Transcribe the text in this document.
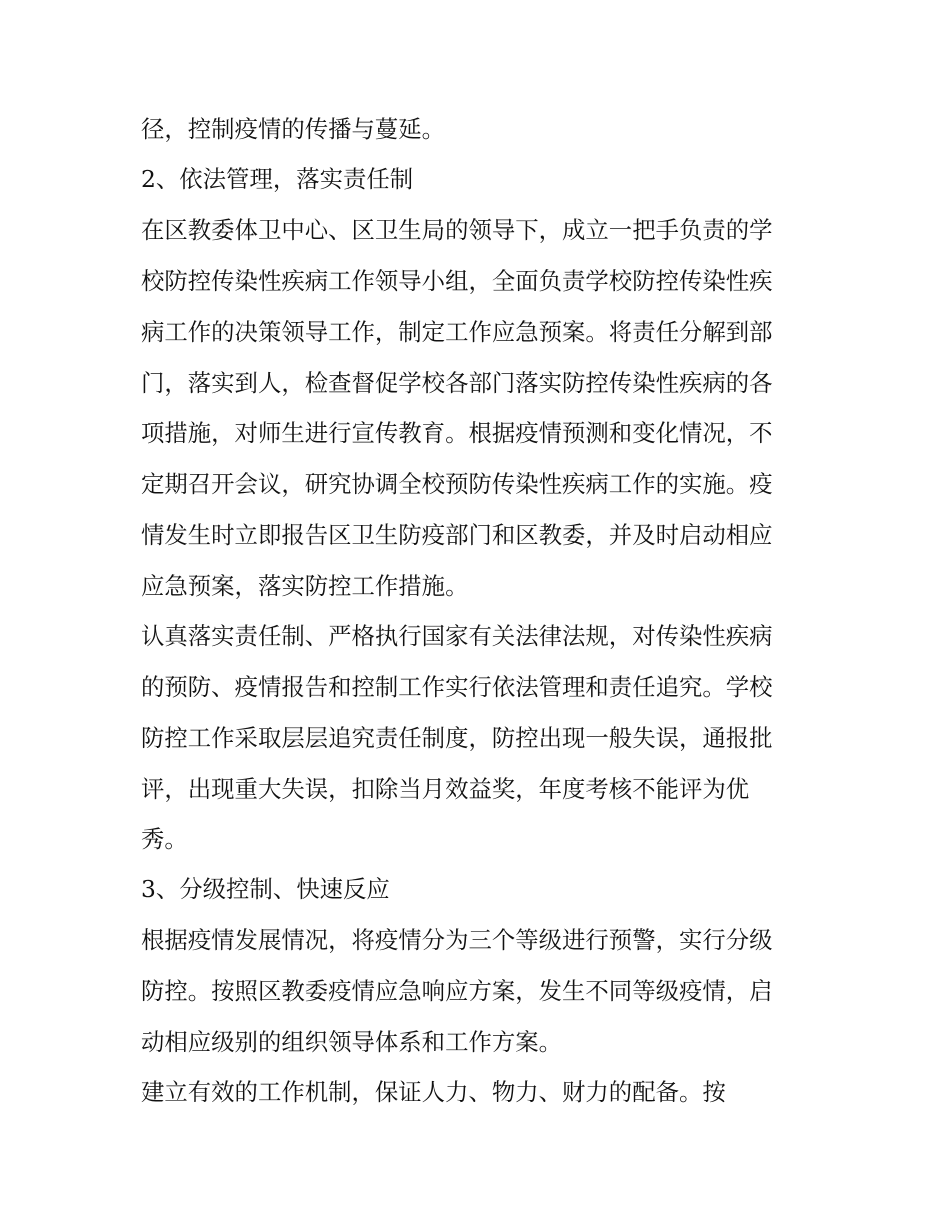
径，控制疫情的传播与蔓延。
2、依法管理，落实责任制
在区教委体卫中心、区卫生局的领导下，成立一把手负责的学
校防控传染性疾病工作领导小组，全面负责学校防控传染性疾
病工作的决策领导工作，制定工作应急预案。将责任分解到部
门，落实到人，检查督促学校各部门落实防控传染性疾病的各
项措施，对师生进行宣传教育。根据疫情预测和变化情况，不
定期召开会议，研究协调全校预防传染性疾病工作的实施。疫
情发生时立即报告区卫生防疫部门和区教委，并及时启动相应
应急预案，落实防控工作措施。
认真落实责任制、严格执行国家有关法律法规，对传染性疾病
的预防、疫情报告和控制工作实行依法管理和责任追究。学校
防控工作采取层层追究责任制度，防控出现一般失误，通报批
评，出现重大失误，扣除当月效益奖，年度考核不能评为优
秀。
3、分级控制、快速反应
根据疫情发展情况，将疫情分为三个等级进行预警，实行分级
防控。按照区教委疫情应急响应方案，发生不同等级疫情，启
动相应级别的组织领导体系和工作方案。
建立有效的工作机制，保证人力、物力、财力的配备。按
